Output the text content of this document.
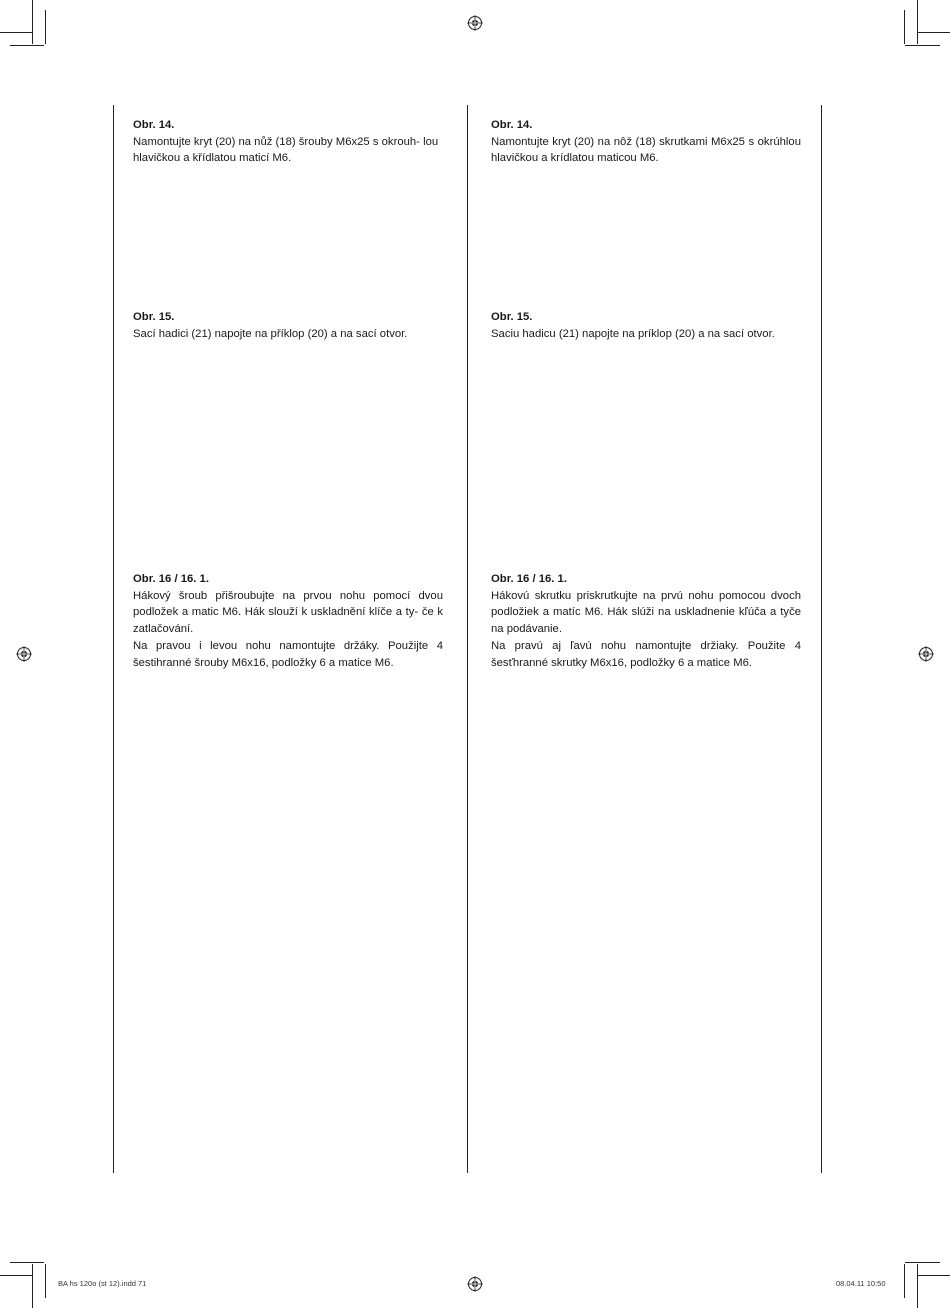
Obr. 14.

Namontujte kryt (20) na nůž (18) šrouby M6x25 s okrouh- lou hlavičkou a křídlatou maticí M6.

Obr. 15.

Sací hadici (21) napojte na příklop (20) a na sací otvor.

Obr. 16 / 16. 1.

Hákový šroub přišroubujte na prvou nohu pomocí dvou podložek a matic M6. Hák slouží k uskladnění klíče a ty- če k zatlačování.

Na pravou i levou nohu namontujte držáky. Použijte 4 šestihranné šrouby M6x16, podložky 6 a matice M6.

Obr. 14.

Namontujte kryt (20) na nôž (18) skrutkami M6x25 s okrúhlou hlavičkou a krídlatou maticou M6.

Obr. 15.

Saciu hadicu (21) napojte na príklop (20) a na sací otvor.

Obr. 16 / 16. 1.

Hákovú skrutku priskrutkujte na prvú nohu pomocou dvoch podložiek a matíc M6. Hák slúži na uskladnenie kľúča a tyče na podávanie.

Na pravú aj ľavú nohu namontujte držiaky. Použite 4 šesťhranné skrutky M6x16, podložky 6 a matice M6.

BA hs 120o (st 12).indd 71	08.04.11 10:50
